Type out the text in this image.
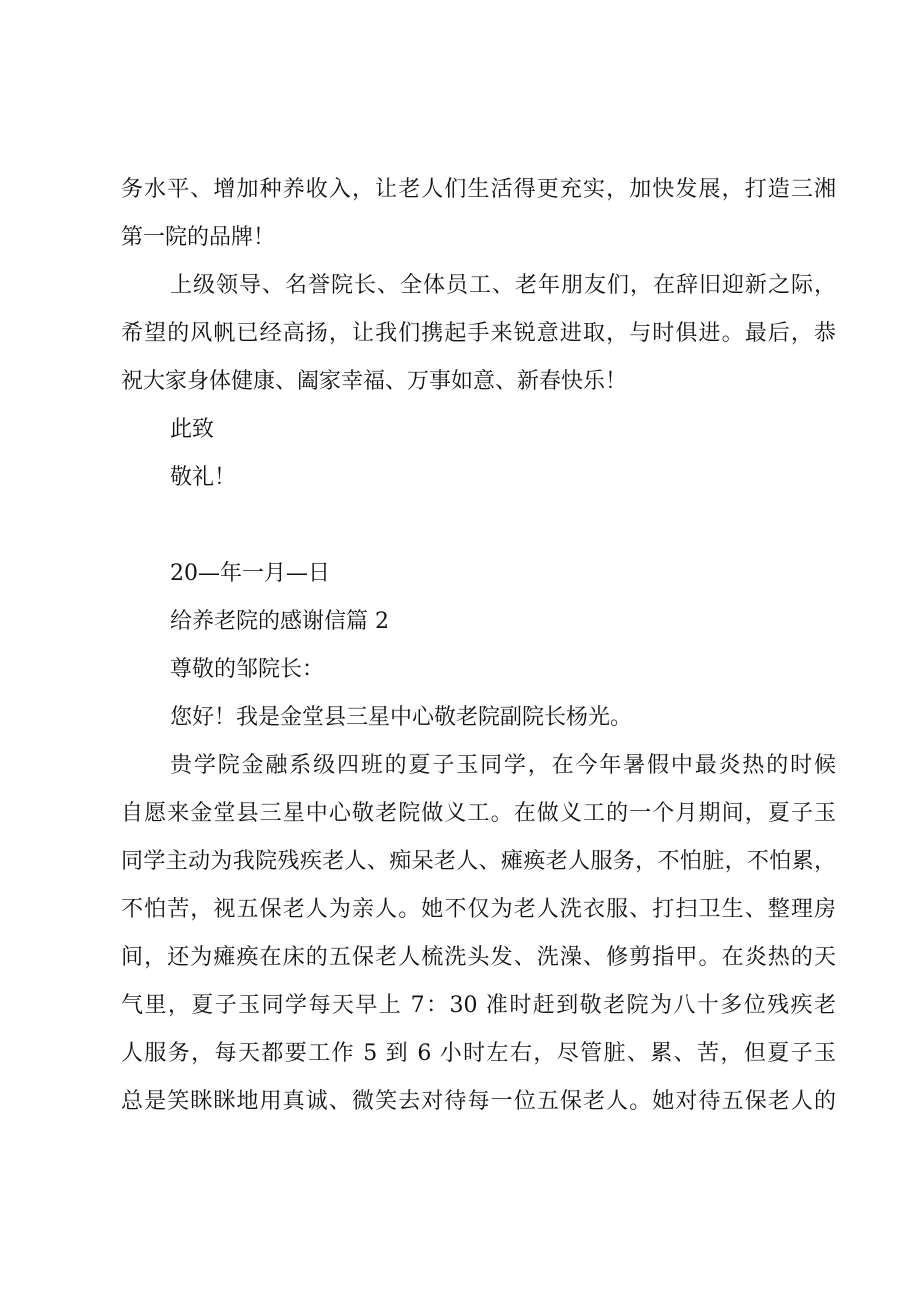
务水平、增加种养收入，让老人们生活得更充实，加快发展，打造三湘
第一院的品牌！
上级领导、名誉院长、全体员工、老年朋友们，在辞旧迎新之际，
希望的风帆已经高扬，让我们携起手来锐意进取，与时俱进。最后，恭
祝大家身体健康、阖家幸福、万事如意、新春快乐！
此致
敬礼！
20—年一月—日
给养老院的感谢信篇 2
尊敬的邹院长：
您好！我是金堂县三星中心敬老院副院长杨光。
贵学院金融系级四班的夏子玉同学，在今年暑假中最炎热的时候
自愿来金堂县三星中心敬老院做义工。在做义工的一个月期间，夏子玉
同学主动为我院残疾老人、痴呆老人、瘫痪老人服务，不怕脏，不怕累，
不怕苦，视五保老人为亲人。她不仅为老人洗衣服、打扫卫生、整理房
间，还为瘫痪在床的五保老人梳洗头发、洗澡、修剪指甲。在炎热的天
气里，夏子玉同学每天早上 7：30 准时赶到敬老院为八十多位残疾老
人服务，每天都要工作 5 到 6 小时左右，尽管脏、累、苦，但夏子玉
总是笑眯眯地用真诚、微笑去对待每一位五保老人。她对待五保老人的
